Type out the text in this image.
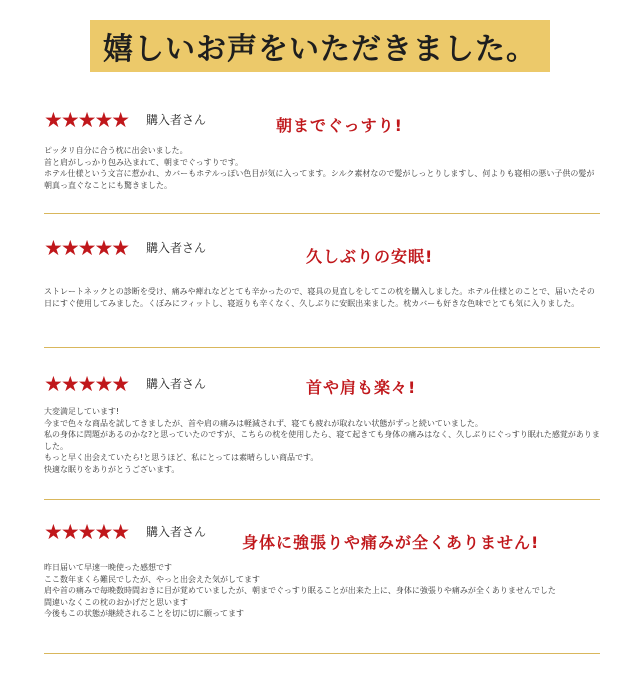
嬉しいお声をいただきました。
★★★★★ 購入者さん	朝までぐっすり!
ピッタリ自分に合う枕に出会いました。
首と肩がしっかり包み込まれて、朝までぐっすりです。
ホテル仕様という文言に惹かれ、カバーもホテルっぽい色目が気に入ってます。シルク素材なので髪がしっとりしますし、何よりも寝相の悪い子供の髪が朝真っ直ぐなことにも驚きました。
★★★★★ 購入者さん	久しぶりの安眠!
ストレートネックとの診断を受け、痛みや痺れなどとても辛かったので、寝具の見直しをしてこの枕を購入しました。ホテル仕様とのことで、届いたその日にすぐ使用してみました。くぼみにフィットし、寝返りも辛くなく、久しぶりに安眠出来ました。枕カバーも好きな色味でとても気に入りました。
★★★★★ 購入者さん	首や肩も楽々!
大変満足しています!
今まで色々な商品を試してきましたが、首や肩の痛みは軽減されず、寝ても疲れが取れない状態がずっと続いていました。
私の身体に問題があるのかな?と思っていたのですが、こちらの枕を使用したら、寝て起きても身体の痛みはなく、久しぶりにぐっすり眠れた感覚がありました。
もっと早く出会えていたら!と思うほど、私にとっては素晴らしい商品です。
快適な眠りをありがとうございます。
★★★★★ 購入者さん
身体に強張りや痛みが全くありません!
昨日届いて早速一晩使った感想です
ここ数年まくら難民でしたが、やっと出会えた気がしてます
肩や首の痛みで毎晩数時間おきに目が覚めていましたが、朝までぐっすり眠ることが出来た上に、身体に強張りや痛みが全くありませんでした
間違いなくこの枕のおかげだと思います
今後もこの状態が継続されることを切に切に願ってます
